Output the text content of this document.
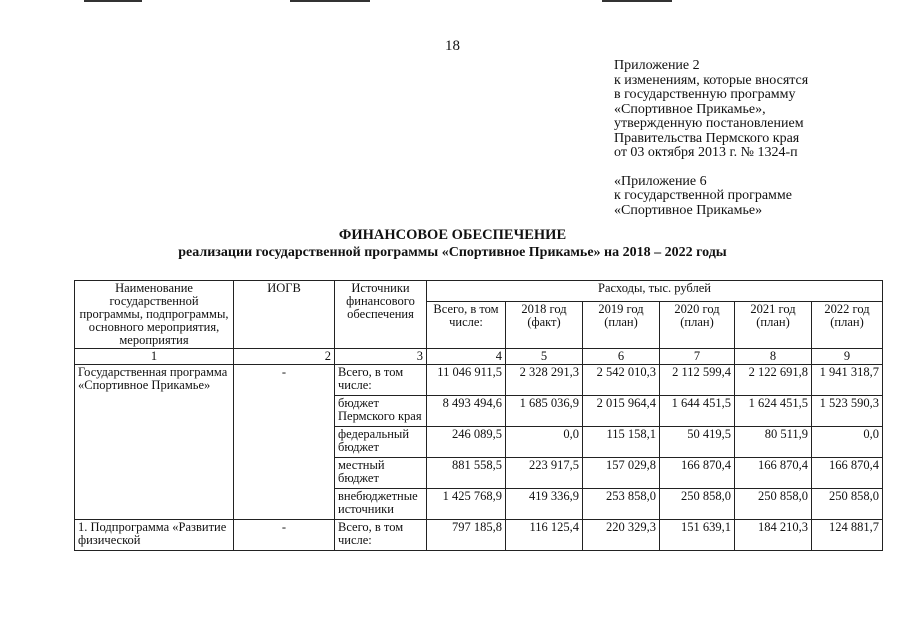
18
Приложение 2
к изменениям, которые вносятся
в государственную программу
«Спортивное Прикамье»,
утвержденную постановлением
Правительства Пермского края
от 03 октября 2013 г. № 1324-п
«Приложение 6
к государственной программе
«Спортивное Прикамье»
ФИНАНСОВОЕ ОБЕСПЕЧЕНИЕ
реализации государственной программы «Спортивное Прикамье» на 2018 – 2022 годы
Наименование государственной программы, подпрограммы, основного мероприятия, мероприятия	ИОГВ	Источники финансового обеспечения	Расходы, тыс. рублей					
			Всего, в том числе:	2018 год (факт)	2019 год (план)	2020 год (план)	2021 год (план)	2022 год (план)
1	2	3	4	5	6	7	8	9
Государственная программа «Спортивное Прикамье»	-	Всего, в том числе:	11 046 911,5	2 328 291,3	2 542 010,3	2 112 599,4	2 122 691,8	1 941 318,7
		бюджет Пермского края	8 493 494,6	1 685 036,9	2 015 964,4	1 644 451,5	1 624 451,5	1 523 590,3
		федеральный бюджет	246 089,5	0,0	115 158,1	50 419,5	80 511,9	0,0
		местный бюджет	881 558,5	223 917,5	157 029,8	166 870,4	166 870,4	166 870,4
		внебюджетные источники	1 425 768,9	419 336,9	253 858,0	250 858,0	250 858,0	250 858,0
1. Подпрограмма «Развитие физической	-	Всего, в том числе:	797 185,8	116 125,4	220 329,3	151 639,1	184 210,3	124 881,7
